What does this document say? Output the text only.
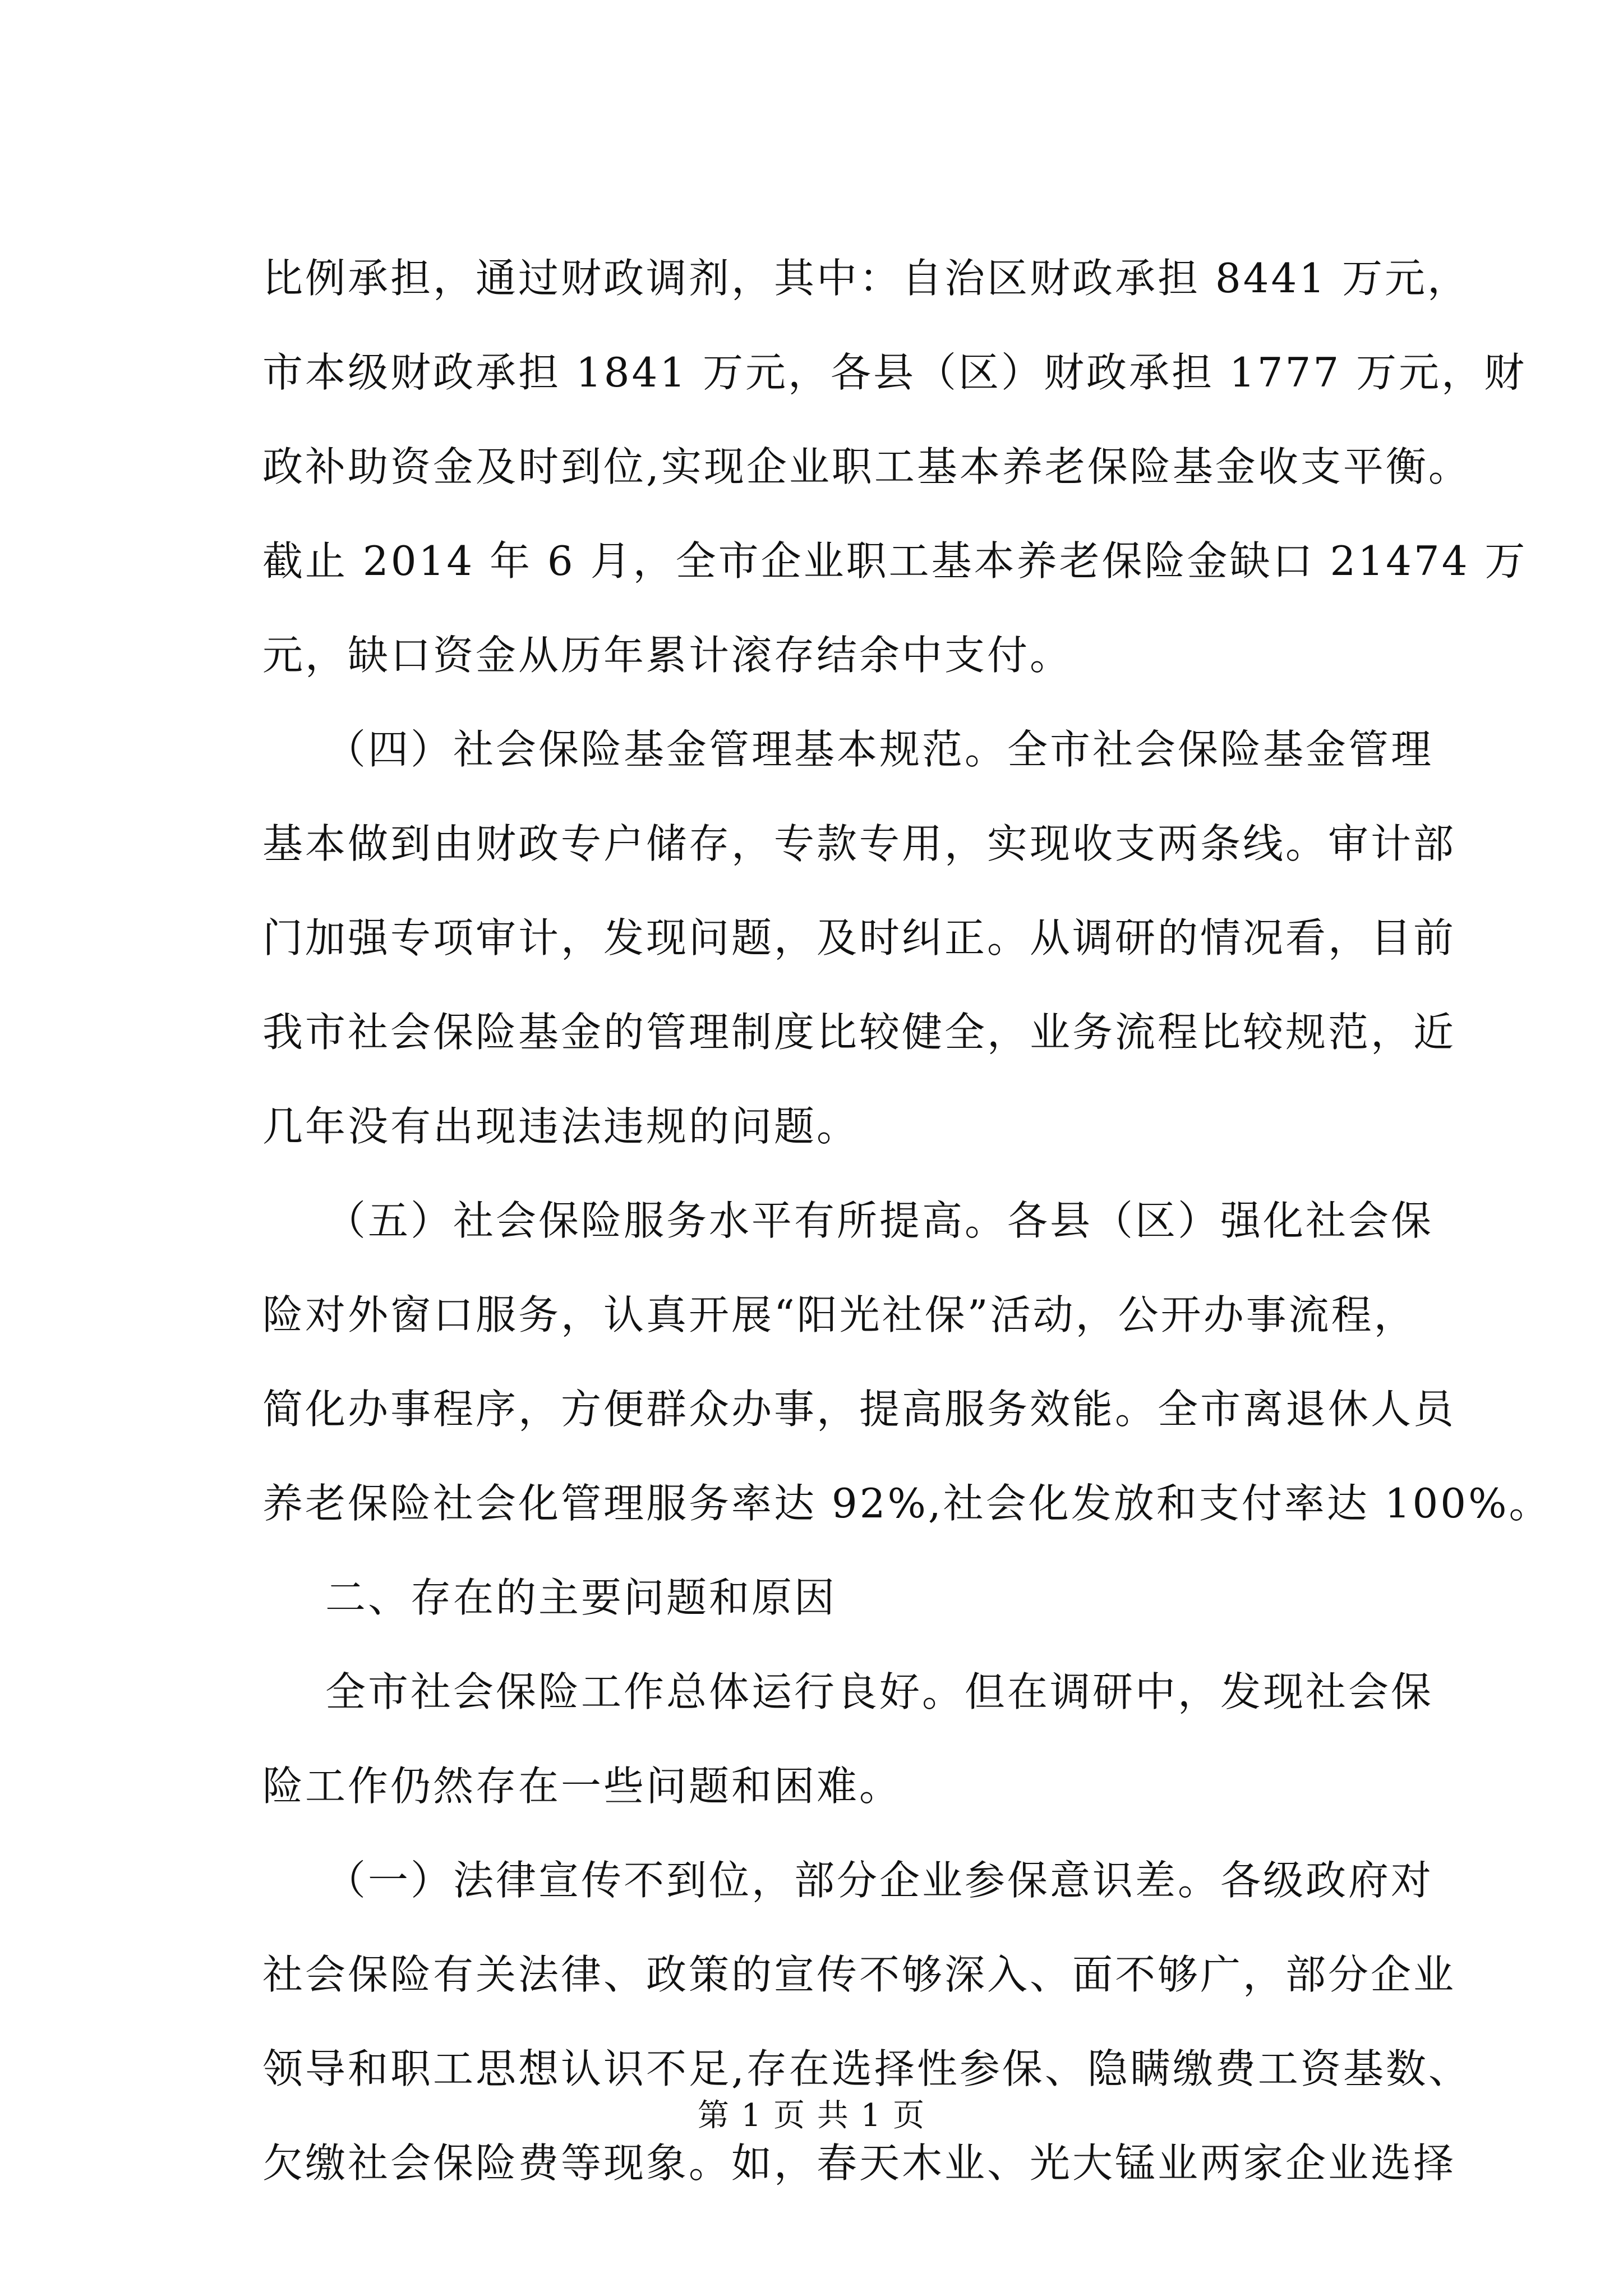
比例承担，通过财政调剂，其中：自治区财政承担 8441 万元，
市本级财政承担 1841 万元，各县（区）财政承担 1777 万元，财
政补助资金及时到位,实现企业职工基本养老保险基金收支平衡。
截止 2014 年 6 月，全市企业职工基本养老保险金缺口 21474 万
元，缺口资金从历年累计滚存结余中支付。
（四）社会保险基金管理基本规范。全市社会保险基金管理
基本做到由财政专户储存，专款专用，实现收支两条线。审计部
门加强专项审计，发现问题，及时纠正。从调研的情况看，目前
我市社会保险基金的管理制度比较健全，业务流程比较规范，近
几年没有出现违法违规的问题。
（五）社会保险服务水平有所提高。各县（区）强化社会保
险对外窗口服务，认真开展“阳光社保”活动，公开办事流程，
简化办事程序，方便群众办事，提高服务效能。全市离退休人员
养老保险社会化管理服务率达 92%,社会化发放和支付率达 100%。
二、存在的主要问题和原因
全市社会保险工作总体运行良好。但在调研中，发现社会保
险工作仍然存在一些问题和困难。
（一）法律宣传不到位，部分企业参保意识差。各级政府对
社会保险有关法律、政策的宣传不够深入、面不够广，部分企业
领导和职工思想认识不足,存在选择性参保、隐瞒缴费工资基数、
欠缴社会保险费等现象。如，春天木业、光大锰业两家企业选择
第 1 页 共 1 页
